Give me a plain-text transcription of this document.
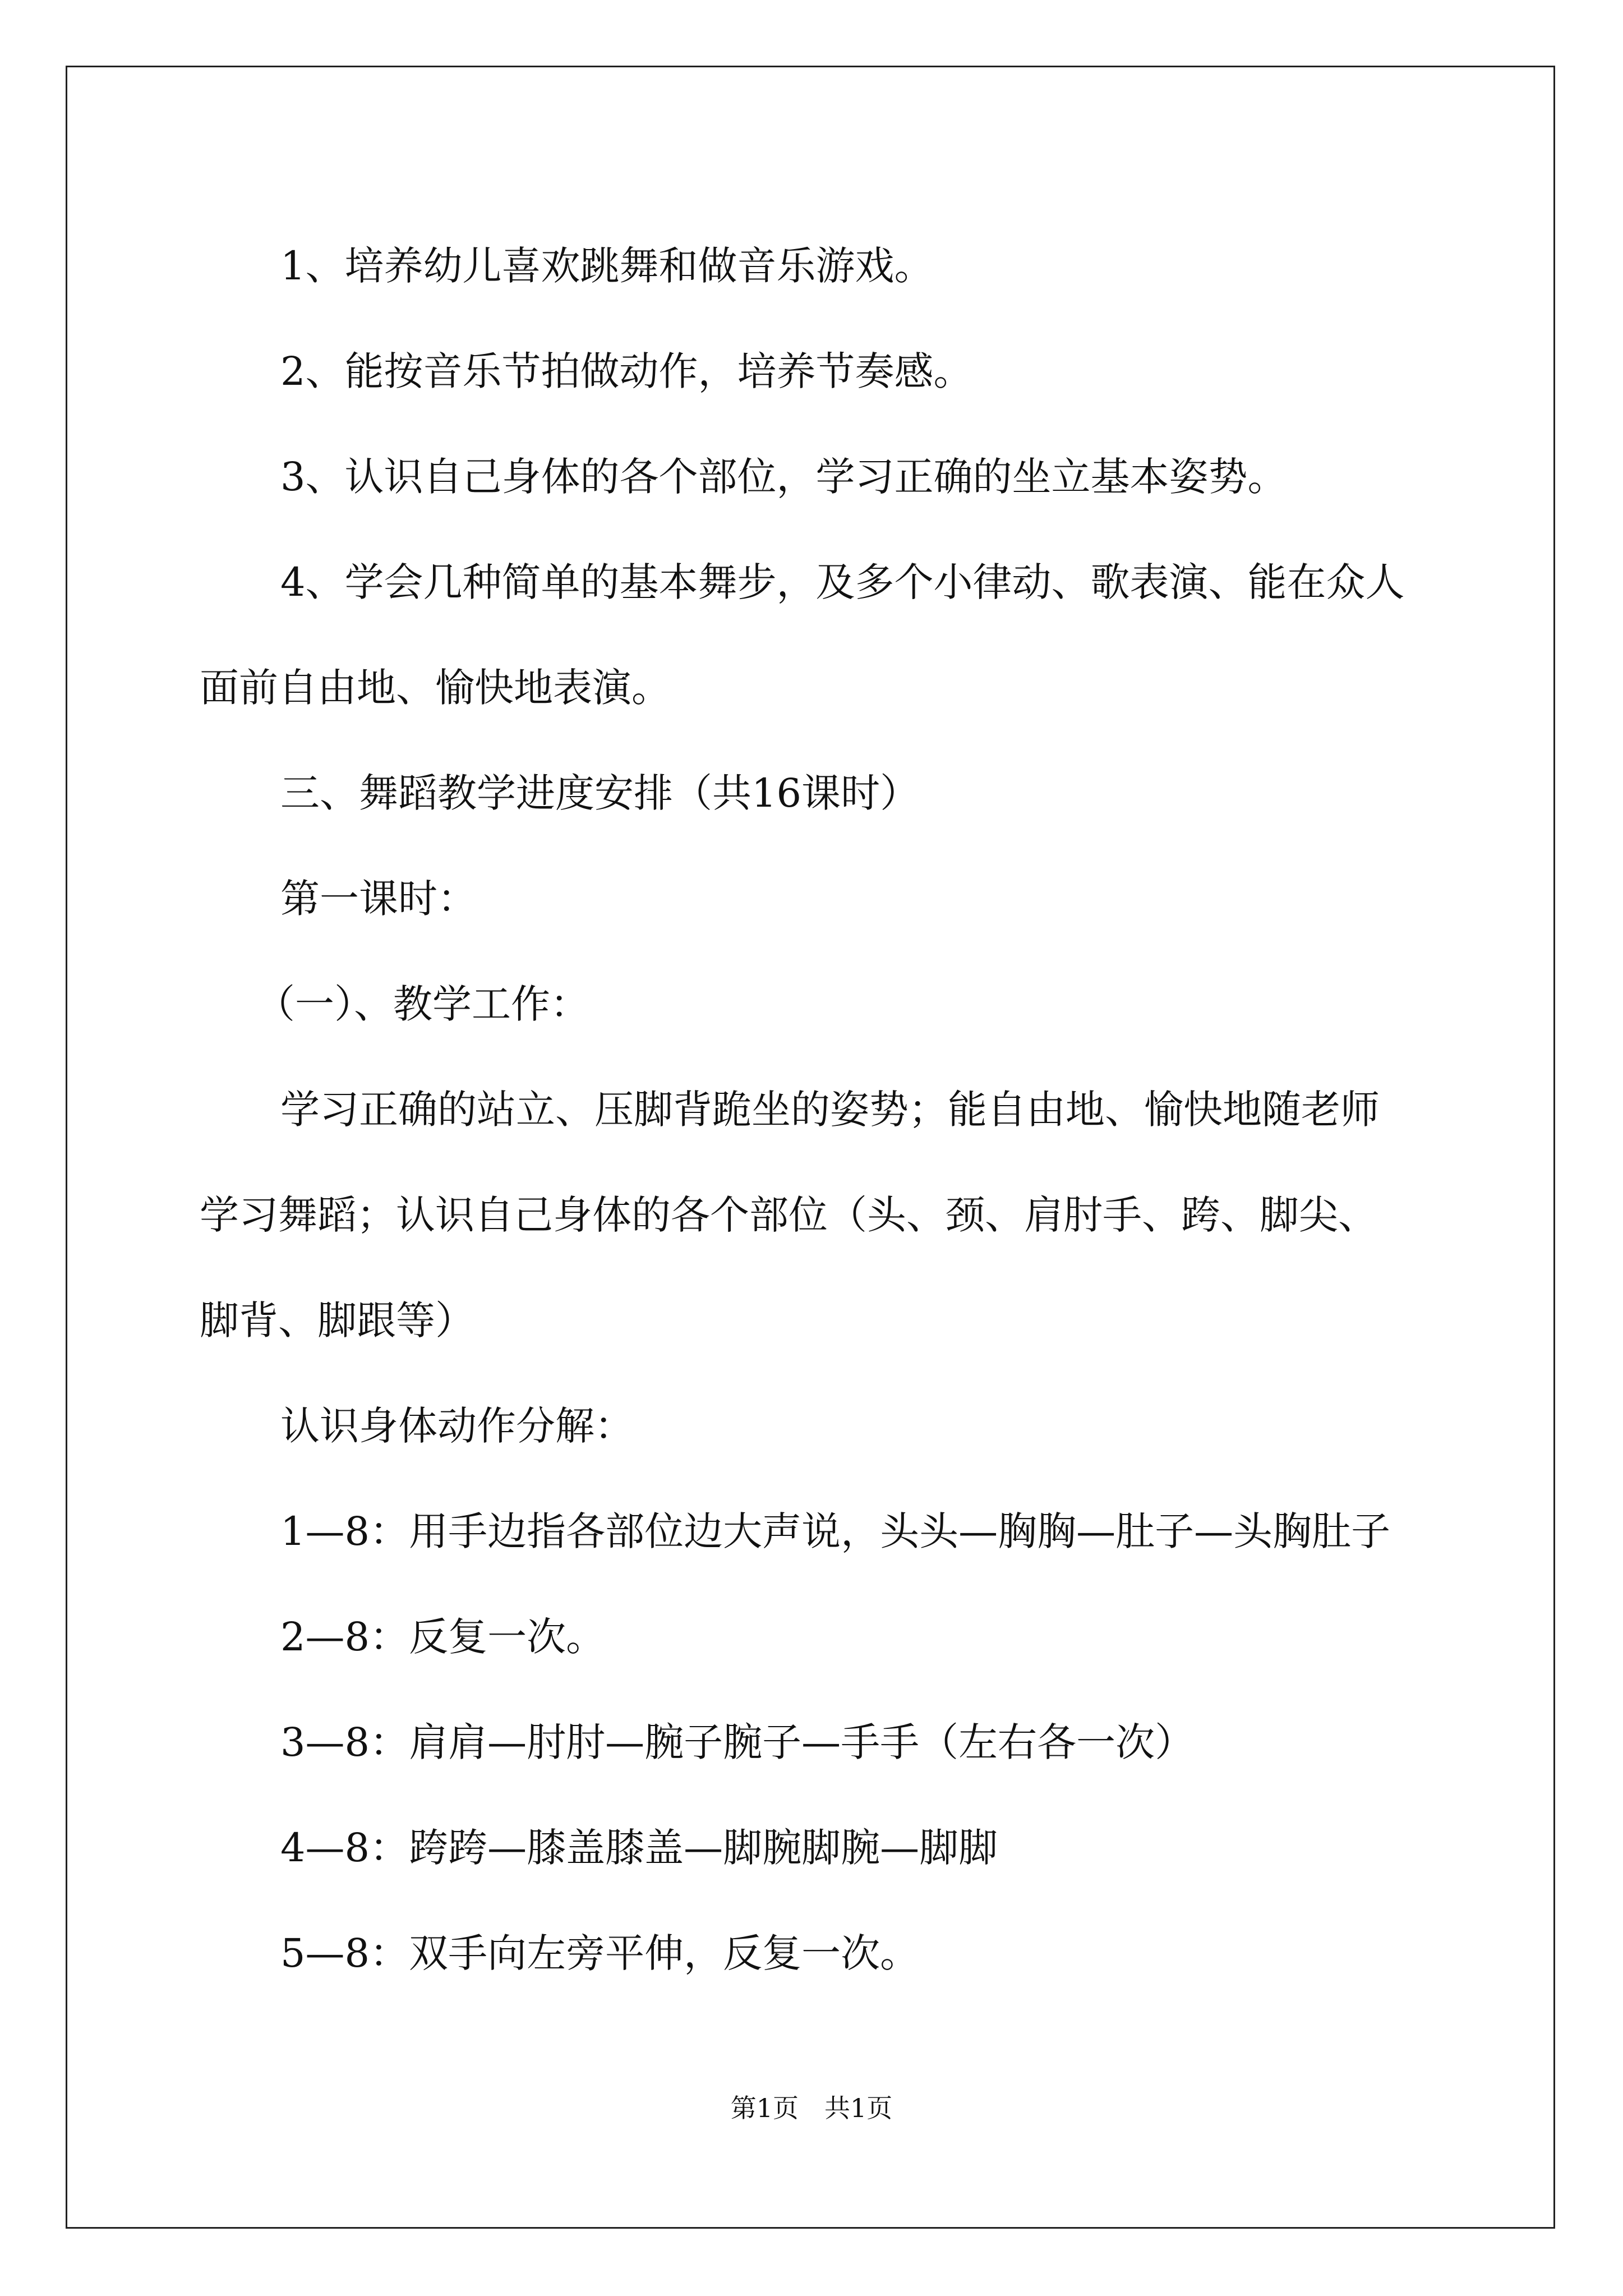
1、培养幼儿喜欢跳舞和做音乐游戏。

2、能按音乐节拍做动作，培养节奏感。

3、认识自己身体的各个部位，学习正确的坐立基本姿势。

4、学会几种简单的基本舞步，及多个小律动、歌表演、能在众人

面前自由地、愉快地表演。

三、舞蹈教学进度安排（共16课时）

第一课时：

（一）、教学工作：

学习正确的站立、压脚背跪坐的姿势；能自由地、愉快地随老师

学习舞蹈；认识自己身体的各个部位（头、颈、肩肘手、跨、脚尖、

脚背、脚跟等）

认识身体动作分解：

1—8：用手边指各部位边大声说，头头—胸胸—肚子—头胸肚子

2—8：反复一次。

3—8：肩肩—肘肘—腕子腕子—手手（左右各一次）

4—8：跨跨—膝盖膝盖—脚腕脚腕—脚脚

5—8：双手向左旁平伸，反复一次。

第1页　共1页
